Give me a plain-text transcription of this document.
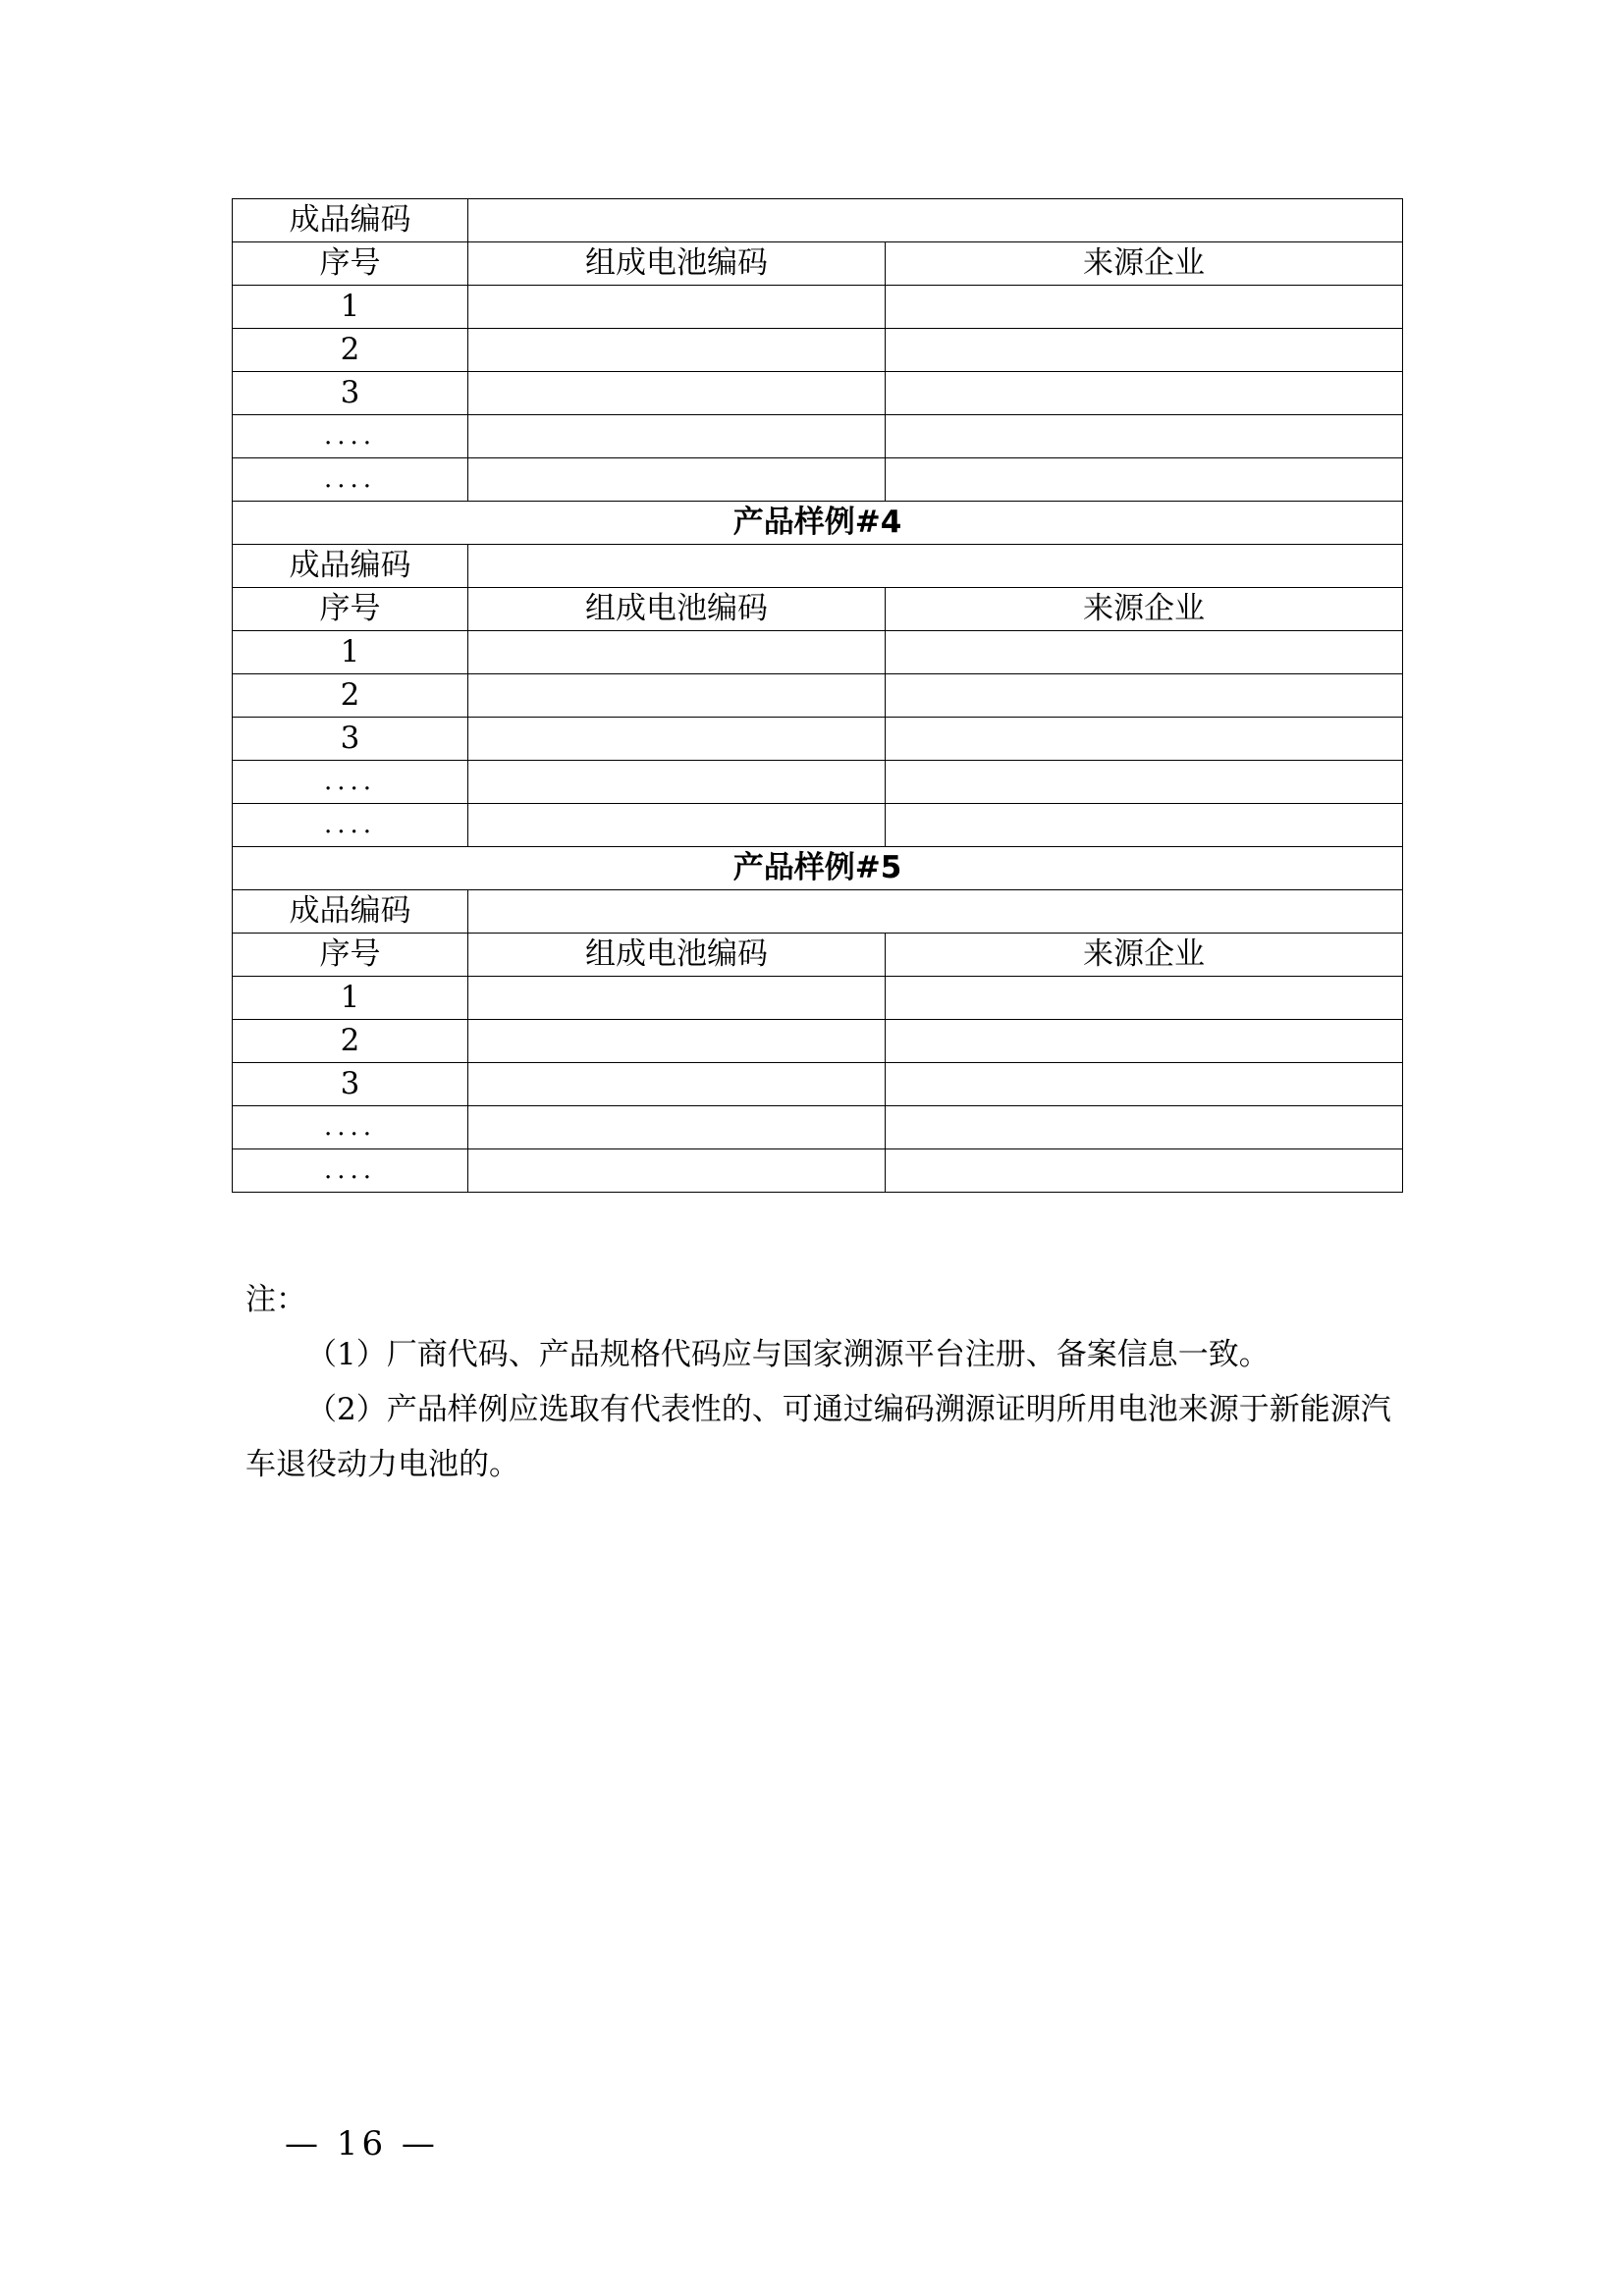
成品编码		
序号	组成电池编码	来源企业
1		
2		
3		
....		
....		
产品样例#4		
成品编码		
序号	组成电池编码	来源企业
1		
2		
3		
....		
....		
产品样例#5		
成品编码		
序号	组成电池编码	来源企业
1		
2		
3		
....		
....		

注：

（1）厂商代码、产品规格代码应与国家溯源平台注册、备案信息一致。

（2）产品样例应选取有代表性的、可通过编码溯源证明所用电池来源于新能源汽车退役动力电池的。

— 16 —
